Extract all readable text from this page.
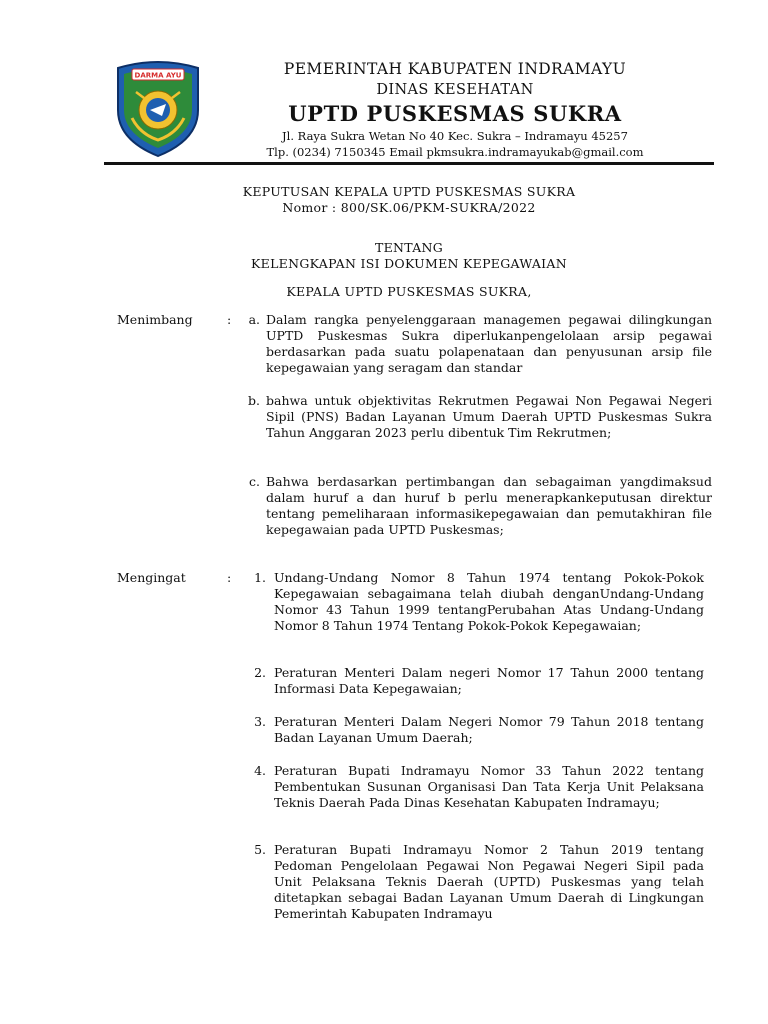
DARMA AYU	PEMERINTAH KABUPATEN INDRAMAYU
DINAS KESEHATAN
UPTD PUSKESMAS SUKRA
Jl. Raya Sukra Wetan No 40 Kec. Sukra – Indramayu 45257
Tlp. (0234) 7150345 Email pkmsukra.indramayukab@gmail.com
KEPUTUSAN KEPALA UPTD PUSKESMAS SUKRA
Nomor : 800/SK.06/PKM-SUKRA/2022
TENTANG
KELENGKAPAN ISI DOKUMEN KEPEGAWAIAN
KEPALA UPTD PUSKESMAS SUKRA,
Menimbang	:	a. Dalam rangka penyelenggaraan managemen pegawai dilingkungan UPTD Puskesmas Sukra diperlukanpengelolaan arsip pegawai berdasarkan pada suatu polapenataan dan penyusunan arsip file kepegawaian yang seragam dan standar

b. bahwa untuk objektivitas Rekrutmen Pegawai Non Pegawai Negeri Sipil (PNS) Badan Layanan Umum Daerah UPTD Puskesmas Sukra Tahun Anggaran 2023 perlu dibentuk Tim Rekrutmen;

c. Bahwa berdasarkan pertimbangan dan sebagaiman yangdimaksud dalam huruf a dan huruf b perlu menerapkankeputusan direktur tentang pemeliharaan informasikepegawaian dan pemutakhiran file kepegawaian pada UPTD Puskesmas;

Mengingat	:	1. Undang-Undang Nomor 8 Tahun 1974 tentang Pokok-Pokok Kepegawaian sebagaimana telah diubah denganUndang-Undang Nomor 43 Tahun 1999 tentangPerubahan Atas Undang-Undang Nomor 8 Tahun 1974 Tentang Pokok-Pokok Kepegawaian;

2. Peraturan Menteri Dalam negeri Nomor 17 Tahun 2000 tentang Informasi Data Kepegawaian;

3. Peraturan Menteri Dalam Negeri Nomor 79 Tahun 2018 tentang Badan Layanan Umum Daerah;

4. Peraturan Bupati Indramayu Nomor 33 Tahun 2022 tentang Pembentukan Susunan Organisasi Dan Tata Kerja Unit Pelaksana Teknis Daerah Pada Dinas Kesehatan Kabupaten Indramayu;

5. Peraturan Bupati Indramayu Nomor 2 Tahun 2019 tentang Pedoman Pengelolaan Pegawai Non Pegawai Negeri Sipil pada Unit Pelaksana Teknis Daerah (UPTD) Puskesmas yang telah ditetapkan sebagai Badan Layanan Umum Daerah di Lingkungan Pemerintah Kabupaten Indramayu
